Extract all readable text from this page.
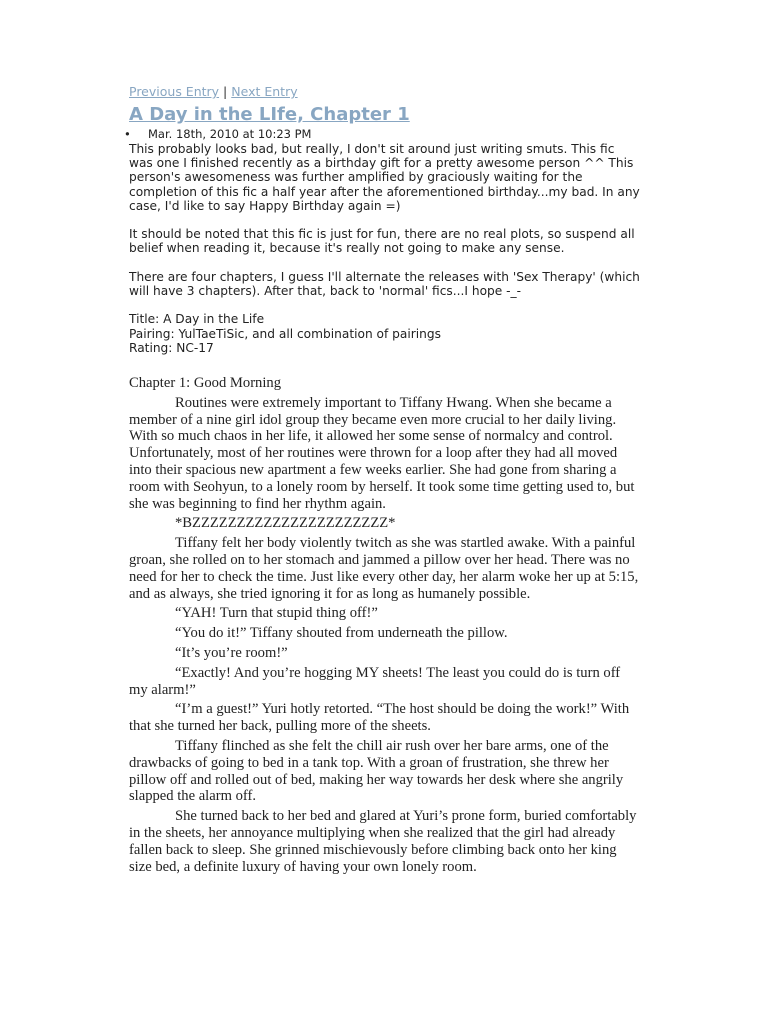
Previous Entry | Next Entry
A Day in the LIfe, Chapter 1
• Mar. 18th, 2010 at 10:23 PM

This probably looks bad, but really, I don't sit around just writing smuts. This fic was one I finished recently as a birthday gift for a pretty awesome person ^^ This person's awesomeness was further amplified by graciously waiting for the completion of this fic a half year after the aforementioned birthday...my bad. In any case, I'd like to say Happy Birthday again =)

It should be noted that this fic is just for fun, there are no real plots, so suspend all belief when reading it, because it's really not going to make any sense.

There are four chapters, I guess I'll alternate the releases with 'Sex Therapy' (which will have 3 chapters). After that, back to 'normal' fics...I hope -_-

Title: A Day in the Life
Pairing: YulTaeTiSic, and all combination of pairings
Rating: NC-17

Chapter 1: Good Morning

Routines were extremely important to Tiffany Hwang. When she became a member of a nine girl idol group they became even more crucial to her daily living. With so much chaos in her life, it allowed her some sense of normalcy and control. Unfortunately, most of her routines were thrown for a loop after they had all moved into their spacious new apartment a few weeks earlier. She had gone from sharing a room with Seohyun, to a lonely room by herself. It took some time getting used to, but she was beginning to find her rhythm again.

*BZZZZZZZZZZZZZZZZZZZZZZ*

Tiffany felt her body violently twitch as she was startled awake. With a painful groan, she rolled on to her stomach and jammed a pillow over her head. There was no need for her to check the time. Just like every other day, her alarm woke her up at 5:15, and as always, she tried ignoring it for as long as humanely possible.

“YAH! Turn that stupid thing off!”

“You do it!” Tiffany shouted from underneath the pillow.

“It’s you’re room!”

“Exactly! And you’re hogging MY sheets! The least you could do is turn off my alarm!”

“I’m a guest!” Yuri hotly retorted. “The host should be doing the work!” With that she turned her back, pulling more of the sheets.

Tiffany flinched as she felt the chill air rush over her bare arms, one of the drawbacks of going to bed in a tank top. With a groan of frustration, she threw her pillow off and rolled out of bed, making her way towards her desk where she angrily slapped the alarm off.

She turned back to her bed and glared at Yuri’s prone form, buried comfortably in the sheets, her annoyance multiplying when she realized that the girl had already fallen back to sleep. She grinned mischievously before climbing back onto her king size bed, a definite luxury of having your own lonely room.
